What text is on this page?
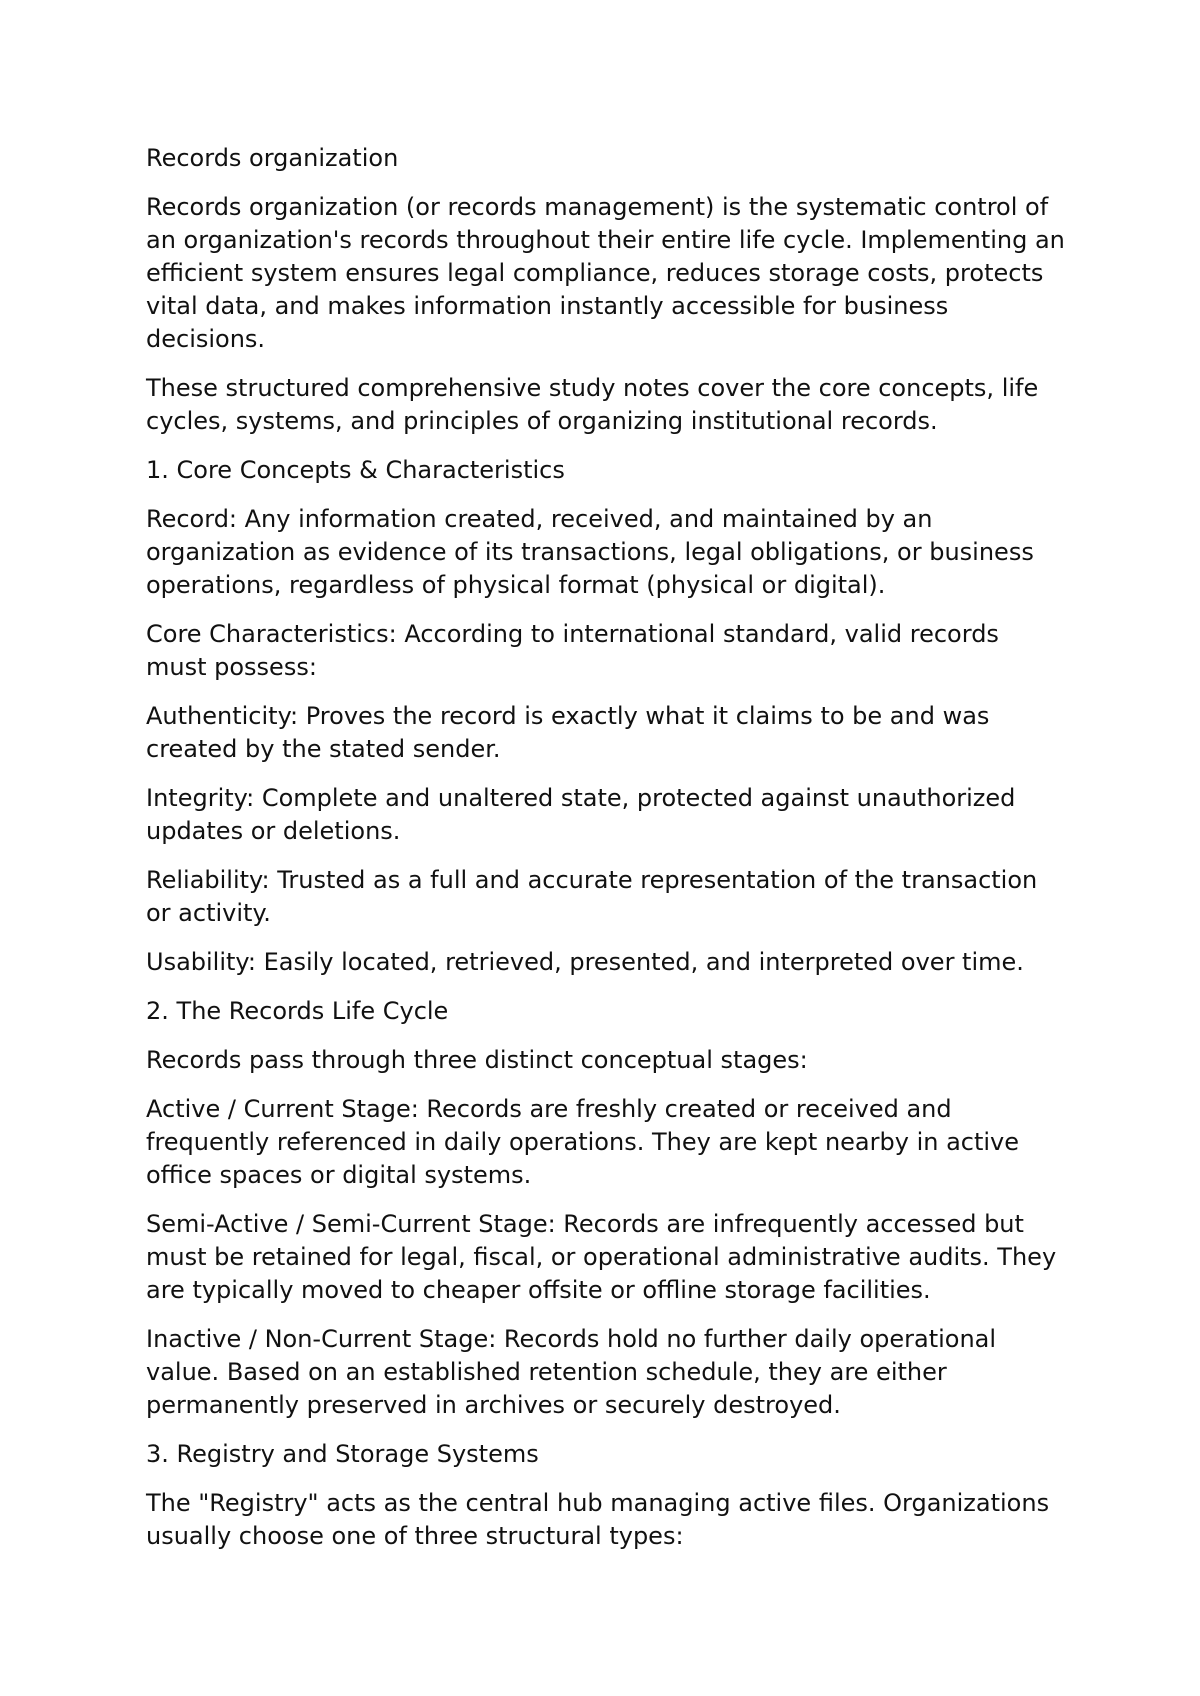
Records organization

Records organization (or records management) is the systematic control of an organization's records throughout their entire life cycle. Implementing an efficient system ensures legal compliance, reduces storage costs, protects vital data, and makes information instantly accessible for business decisions.

These structured comprehensive study notes cover the core concepts, life cycles, systems, and principles of organizing institutional records.

1. Core Concepts & Characteristics

Record: Any information created, received, and maintained by an organization as evidence of its transactions, legal obligations, or business operations, regardless of physical format (physical or digital).

Core Characteristics: According to international standard, valid records must possess:

Authenticity: Proves the record is exactly what it claims to be and was created by the stated sender.

Integrity: Complete and unaltered state, protected against unauthorized updates or deletions.

Reliability: Trusted as a full and accurate representation of the transaction or activity.

Usability: Easily located, retrieved, presented, and interpreted over time.

2. The Records Life Cycle

Records pass through three distinct conceptual stages:

Active / Current Stage: Records are freshly created or received and frequently referenced in daily operations. They are kept nearby in active office spaces or digital systems.

Semi-Active / Semi-Current Stage: Records are infrequently accessed but must be retained for legal, fiscal, or operational administrative audits. They are typically moved to cheaper offsite or offline storage facilities.

Inactive / Non-Current Stage: Records hold no further daily operational value. Based on an established retention schedule, they are either permanently preserved in archives or securely destroyed.

3. Registry and Storage Systems

The "Registry" acts as the central hub managing active files. Organizations usually choose one of three structural types:
